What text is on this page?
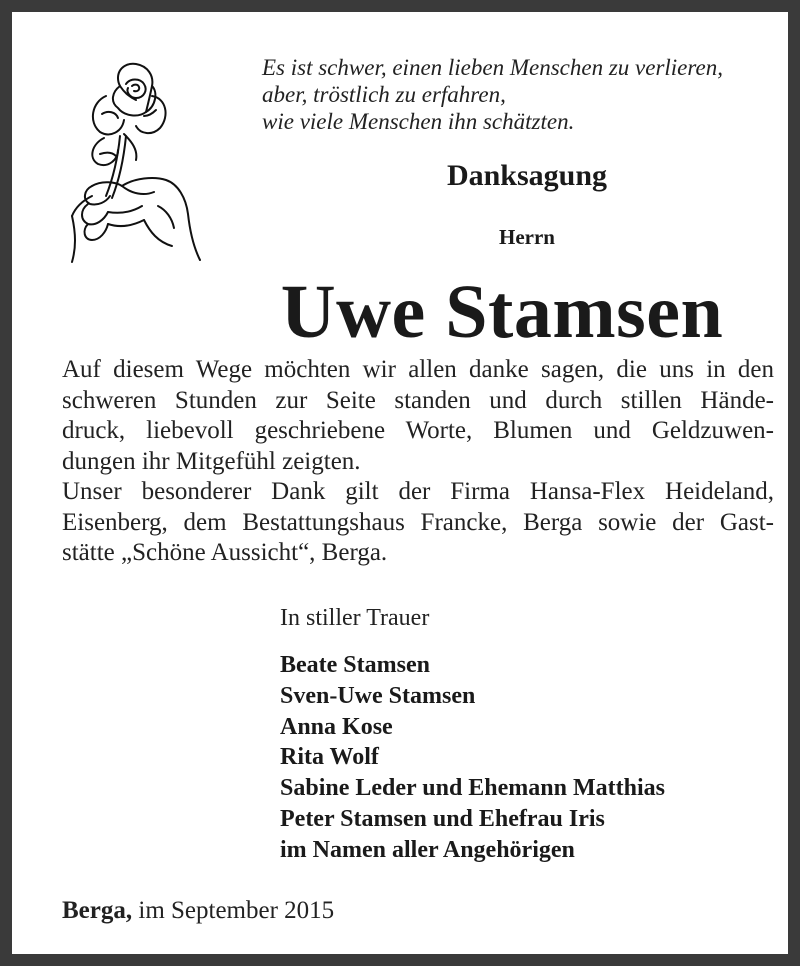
Es ist schwer, einen lieben Menschen zu verlieren,
aber, tröstlich zu erfahren,
wie viele Menschen ihn schätzten.
Danksagung
Herrn
Uwe Stamsen
Auf diesem Wege möchten wir allen danke sagen, die uns in den
schweren Stunden zur Seite standen und durch stillen Hände-
druck, liebevoll geschriebene Worte, Blumen und Geldzuwen-
dungen ihr Mitgefühl zeigten.
Unser besonderer Dank gilt der Firma Hansa-Flex Heideland,
Eisenberg, dem Bestattungshaus Francke, Berga sowie der Gast-
stätte „Schöne Aussicht“, Berga.
In stiller Trauer
Beate Stamsen
Sven-Uwe Stamsen
Anna Kose
Rita Wolf
Sabine Leder und Ehemann Matthias
Peter Stamsen und Ehefrau Iris
im Namen aller Angehörigen
Berga, im September 2015
